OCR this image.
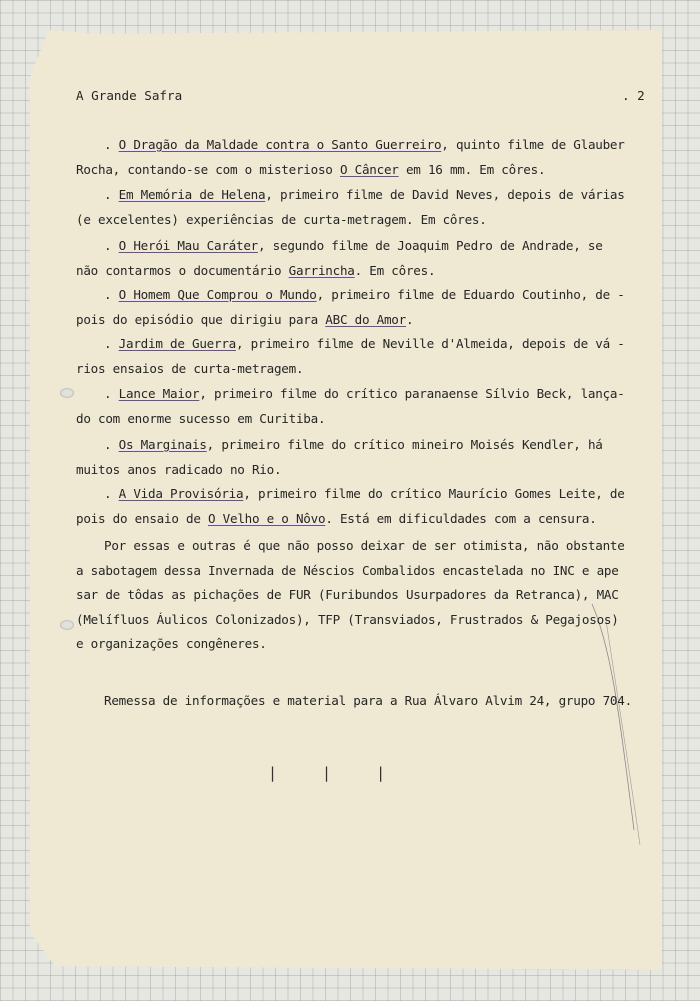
A Grande Safra	. 2
. O Dragão da Maldade contra o Santo Guerreiro, quinto filme de Glauber
Rocha, contando-se com o misterioso O Câncer em 16 mm. Em côres.
. Em Memória de Helena, primeiro filme de David Neves, depois de várias
(e excelentes) experiências de curta-metragem. Em côres.
. O Herói Mau Caráter, segundo filme de Joaquim Pedro de Andrade, se
não contarmos o documentário Garrincha. Em côres.
. O Homem Que Comprou o Mundo, primeiro filme de Eduardo Coutinho, de -
pois do episódio que dirigiu para ABC do Amor.
. Jardim de Guerra, primeiro filme de Neville d'Almeida, depois de vá -
rios ensaios de curta-metragem.
. Lance Maior, primeiro filme do crítico paranaense Sílvio Beck, lança-
do com enorme sucesso em Curitiba.
. Os Marginais, primeiro filme do crítico mineiro Moisés Kendler, há
muitos anos radicado no Rio.
. A Vida Provisória, primeiro filme do crítico Maurício Gomes Leite, de
pois do ensaio de O Velho e o Nôvo. Está em dificuldades com a censura.
Por essas e outras é que não posso deixar de ser otimista, não obstante
a sabotagem dessa Invernada de Néscios Combalidos encastelada no INC e ape
sar de tôdas as pichações de FUR (Furibundos Usurpadores da Retranca), MAC
(Melífluos Áulicos Colonizados), TFP (Transviados, Frustrados & Pegajosos)
e organizações congêneres.
Remessa de informações e material para a Rua Álvaro Alvim 24, grupo 704.
| | |
